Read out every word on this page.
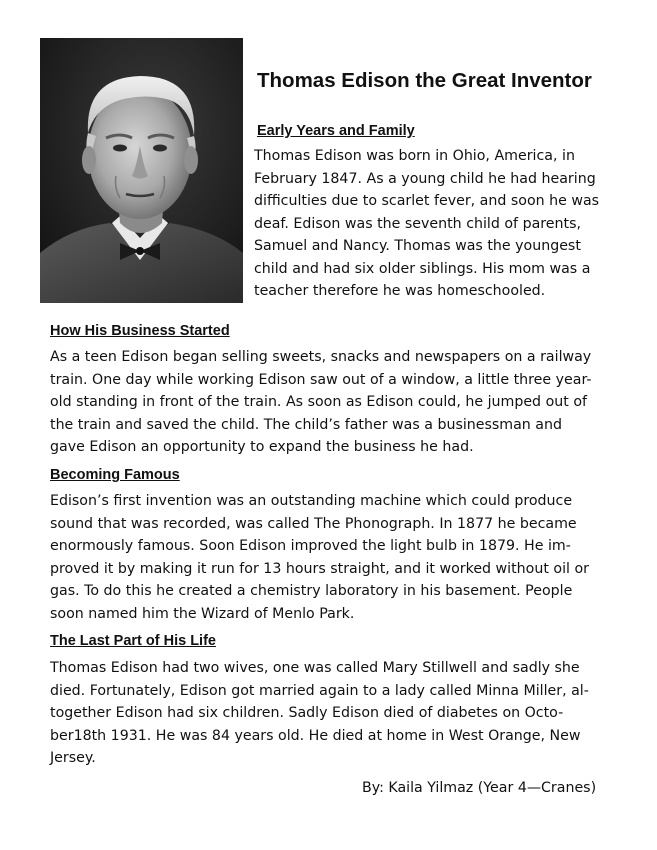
Thomas Edison the Great Inventor
Early Years and Family

Thomas Edison was born in Ohio, America, in
February 1847. As a young child he had hearing
difficulties due to scarlet fever, and soon he was
deaf. Edison was the seventh child of parents,
Samuel and Nancy. Thomas was the youngest
child and had six older siblings. His mom was a
teacher therefore he was homeschooled.

How His Business Started

As a teen Edison began selling sweets, snacks and newspapers on a railway
train. One day while working Edison saw out of a window, a little three year-
old standing in front of the train. As soon as Edison could, he jumped out of
the train and saved the child. The child’s father was a businessman and
gave Edison an opportunity to expand the business he had.

Becoming Famous

Edison’s first invention was an outstanding machine which could produce
sound that was recorded, was called The Phonograph. In 1877 he became
enormously famous. Soon Edison improved the light bulb in 1879. He im-
proved it by making it run for 13 hours straight, and it worked without oil or
gas. To do this he created a chemistry laboratory in his basement. People
soon named him the Wizard of Menlo Park.

The Last Part of His Life

Thomas Edison had two wives, one was called Mary Stillwell and sadly she
died. Fortunately, Edison got married again to a lady called Minna Miller, al-
together Edison had six children. Sadly Edison died of diabetes on Octo-
ber18th 1931. He was 84 years old. He died at home in West Orange, New
Jersey.

By: Kaila Yilmaz (Year 4—Cranes)
